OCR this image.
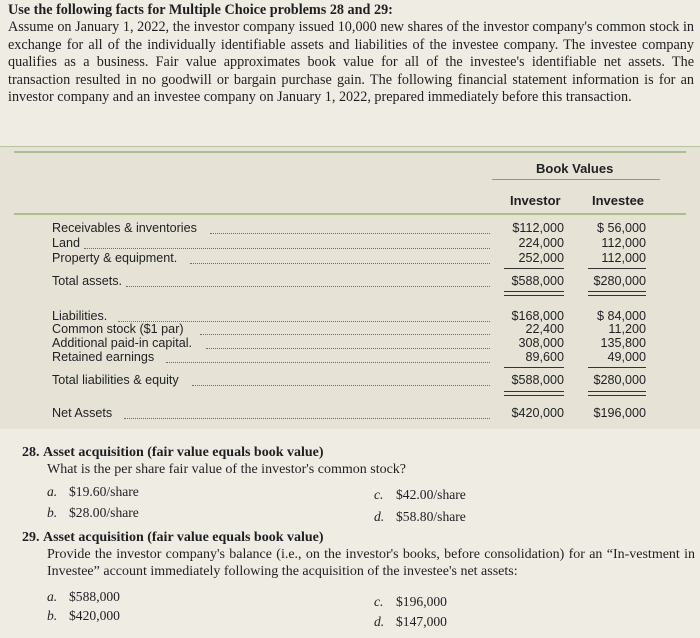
Use the following facts for Multiple Choice problems 28 and 29:
Assume on January 1, 2022, the investor company issued 10,000 new shares of the investor company's common stock in exchange for all of the individually identifiable assets and liabilities of the investee company. The investee company qualifies as a business. Fair value approximates book value for all of the investee's identifiable net assets. The transaction resulted in no goodwill or bargain purchase gain. The following financial statement information is for an investor company and an investee company on January 1, 2022, prepared immediately before this transaction.
Book Values
Investor Investee
Receivables & inventories	$112,000	$ 56,000
Land	224,000	112,000
Property & equipment.	252,000	112,000
Total assets.	$588,000	$280,000
Liabilities.	$168,000	$ 84,000
Common stock ($1 par)	22,400	11,200
Additional paid-in capital.	308,000	135,800
Retained earnings	89,600	49,000
Total liabilities & equity	$588,000	$280,000
Net Assets	$420,000	$196,000
28. Asset acquisition (fair value equals book value)
What is the per share fair value of the investor's common stock?
a. $19.60/share
b. $28.00/share
c. $42.00/share
d. $58.80/share
29. Asset acquisition (fair value equals book value)
Provide the investor company's balance (i.e., on the investor's books, before consolidation) for an “In-vestment in Investee” account immediately following the acquisition of the investee's net assets:
a. $588,000
b. $420,000
c. $196,000
d. $147,000
